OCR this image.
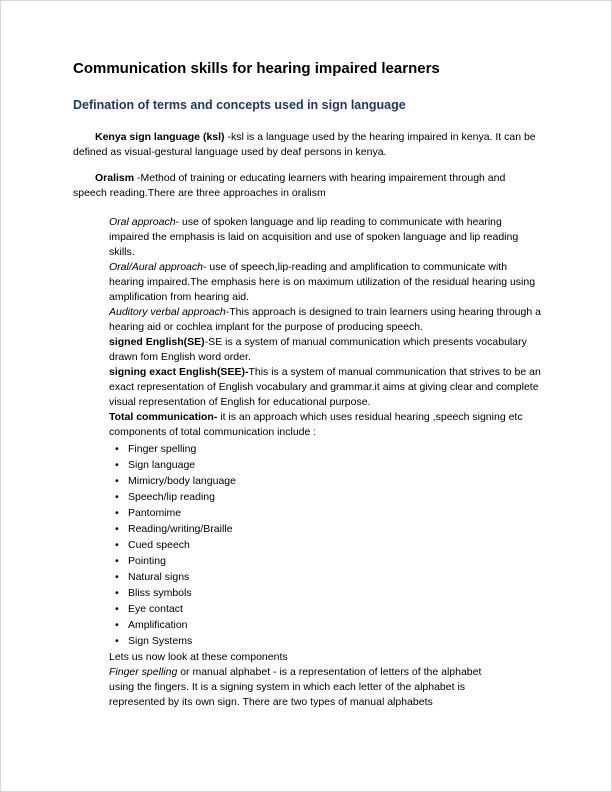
Communication skills for hearing impaired learners
Defination of terms and concepts used in sign language

Kenya sign language (ksl) -ksl is a language used by the hearing impaired in kenya. It can be defined as visual-gestural language used by deaf persons in kenya.

Oralism -Method of training or educating learners with hearing impairement through and speech reading.There are three approaches in oralism

Oral approach- use of spoken language and lip reading to communicate with hearing impaired the emphasis is laid on acquisition and use of spoken language and lip reading skills.

Oral/Aural approach- use of speech,lip-reading and amplification to communicate with hearing impaired.The emphasis here is on maximum utilization of the residual hearing using amplification from hearing aid.

Auditory verbal approach-This approach is designed to train learners using hearing through a hearing aid or cochlea implant for the purpose of producing speech.

signed English(SE)-SE is a system of manual communication which presents vocabulary drawn fom English word order.

signing exact English(SEE)-This is a system of manual communication that strives to be an exact representation of English vocabulary and grammar.it aims at giving clear and complete visual representation of English for educational purpose.

Total communication- it is an approach which uses residual hearing ,speech signing etc components of total communication include :

• Finger spelling
• Sign language
• Mimicry/body language
• Speech/lip reading
• Pantomime
• Reading/writing/Braille
• Cued speech
• Pointing
• Natural signs
• Bliss symbols
• Eye contact
• Amplification
• Sign Systems

Lets us now look at these components

Finger spelling or manual alphabet - is a representation of letters of the alphabet using the fingers. It is a signing system in which each letter of the alphabet is represented by its own sign. There are two types of manual alphabets
